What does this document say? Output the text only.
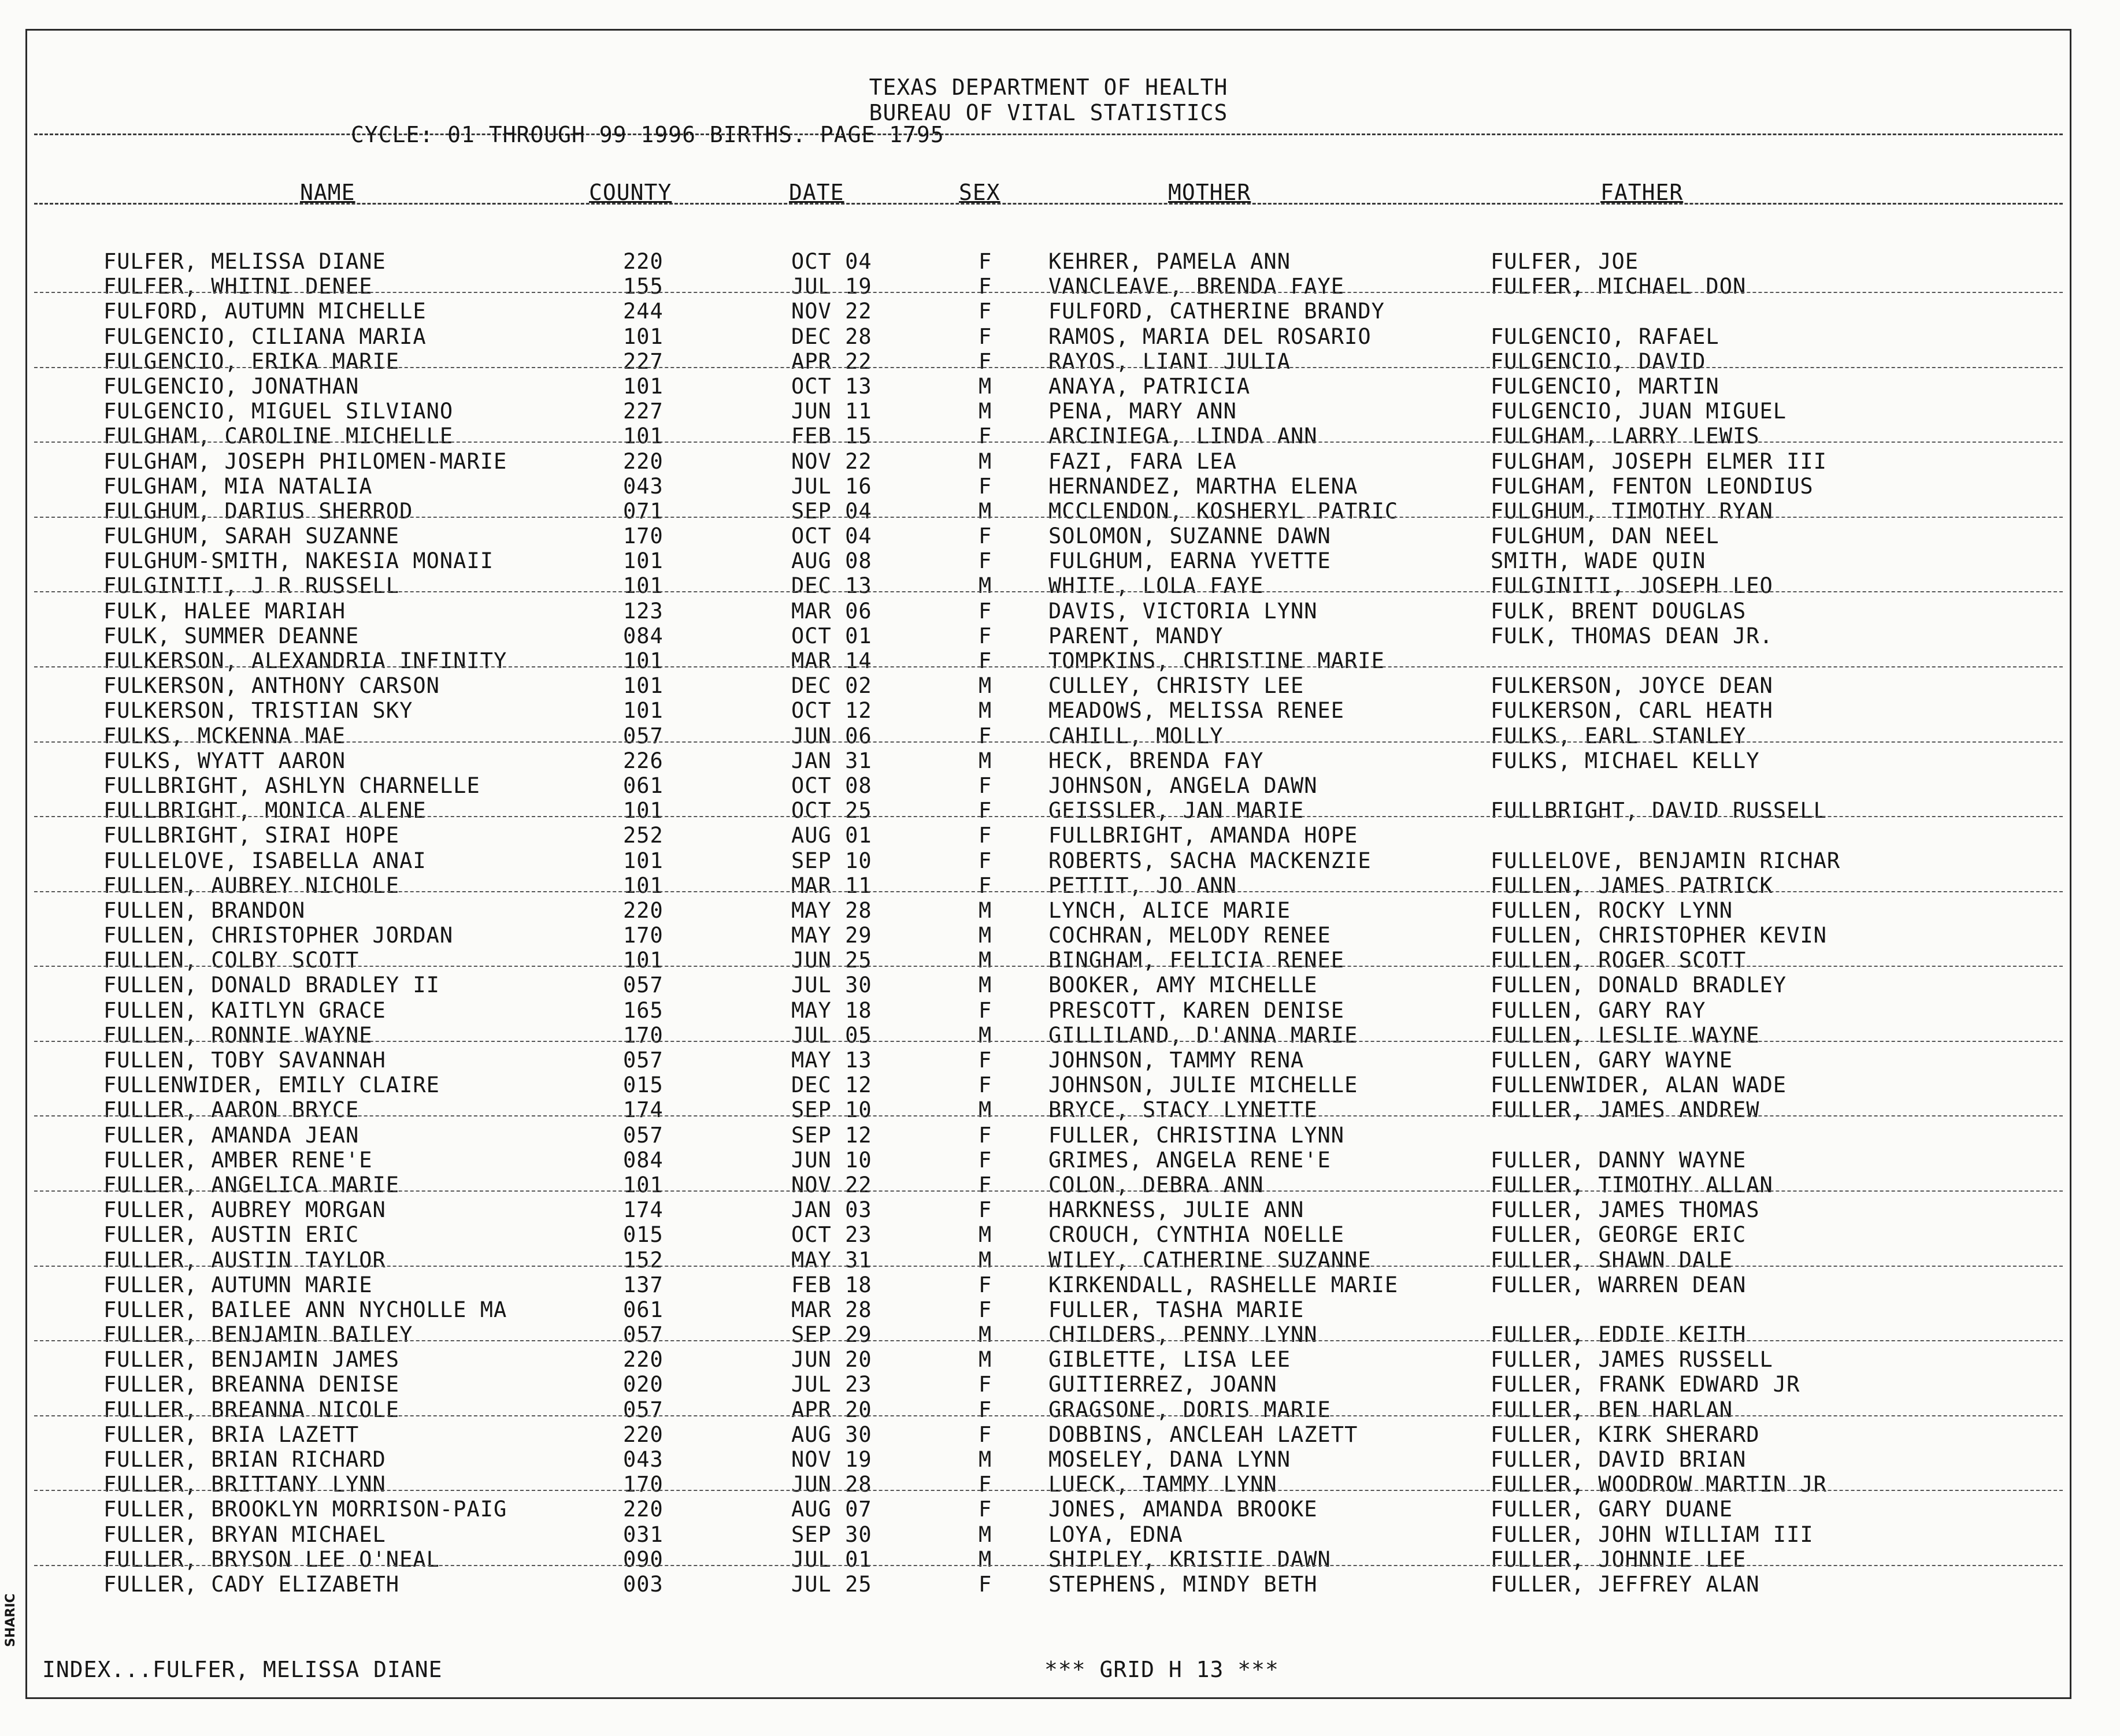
TEXAS DEPARTMENT OF HEALTH
BUREAU OF VITAL STATISTICS
CYCLE: 01 THROUGH 99 1996 BIRTHS. PAGE 1795
NAME	COUNTY	DATE	SEX	MOTHER	FATHER
FULFER, MELISSA DIANE	220	OCT 04	F	KEHRER, PAMELA ANN	FULFER, JOE
FULFER, WHITNI DENEE	155	JUL 19	F	VANCLEAVE, BRENDA FAYE	FULFER, MICHAEL DON
FULFORD, AUTUMN MICHELLE	244	NOV 22	F	FULFORD, CATHERINE BRANDY
FULGENCIO, CILIANA MARIA	101	DEC 28	F	RAMOS, MARIA DEL ROSARIO	FULGENCIO, RAFAEL
FULGENCIO, ERIKA MARIE	227	APR 22	F	RAYOS, LIANI JULIA	FULGENCIO, DAVID
FULGENCIO, JONATHAN	101	OCT 13	M	ANAYA, PATRICIA	FULGENCIO, MARTIN
FULGENCIO, MIGUEL SILVIANO	227	JUN 11	M	PENA, MARY ANN	FULGENCIO, JUAN MIGUEL
FULGHAM, CAROLINE MICHELLE	101	FEB 15	F	ARCINIEGA, LINDA ANN	FULGHAM, LARRY LEWIS
FULGHAM, JOSEPH PHILOMEN-MARIE	220	NOV 22	M	FAZI, FARA LEA	FULGHAM, JOSEPH ELMER III
FULGHAM, MIA NATALIA	043	JUL 16	F	HERNANDEZ, MARTHA ELENA	FULGHAM, FENTON LEONDIUS
FULGHUM, DARIUS SHERROD	071	SEP 04	M	MCCLENDON, KOSHERYL PATRIC	FULGHUM, TIMOTHY RYAN
FULGHUM, SARAH SUZANNE	170	OCT 04	F	SOLOMON, SUZANNE DAWN	FULGHUM, DAN NEEL
FULGHUM-SMITH, NAKESIA MONAII	101	AUG 08	F	FULGHUM, EARNA YVETTE	SMITH, WADE QUIN
FULGINITI, J R RUSSELL	101	DEC 13	M	WHITE, LOLA FAYE	FULGINITI, JOSEPH LEO
FULK, HALEE MARIAH	123	MAR 06	F	DAVIS, VICTORIA LYNN	FULK, BRENT DOUGLAS
FULK, SUMMER DEANNE	084	OCT 01	F	PARENT, MANDY	FULK, THOMAS DEAN JR.
FULKERSON, ALEXANDRIA INFINITY	101	MAR 14	F	TOMPKINS, CHRISTINE MARIE
FULKERSON, ANTHONY CARSON	101	DEC 02	M	CULLEY, CHRISTY LEE	FULKERSON, JOYCE DEAN
FULKERSON, TRISTIAN SKY	101	OCT 12	M	MEADOWS, MELISSA RENEE	FULKERSON, CARL HEATH
FULKS, MCKENNA MAE	057	JUN 06	F	CAHILL, MOLLY	FULKS, EARL STANLEY
FULKS, WYATT AARON	226	JAN 31	M	HECK, BRENDA FAY	FULKS, MICHAEL KELLY
FULLBRIGHT, ASHLYN CHARNELLE	061	OCT 08	F	JOHNSON, ANGELA DAWN
FULLBRIGHT, MONICA ALENE	101	OCT 25	F	GEISSLER, JAN MARIE	FULLBRIGHT, DAVID RUSSELL
FULLBRIGHT, SIRAI HOPE	252	AUG 01	F	FULLBRIGHT, AMANDA HOPE
FULLELOVE, ISABELLA ANAI	101	SEP 10	F	ROBERTS, SACHA MACKENZIE	FULLELOVE, BENJAMIN RICHAR
FULLEN, AUBREY NICHOLE	101	MAR 11	F	PETTIT, JO ANN	FULLEN, JAMES PATRICK
FULLEN, BRANDON	220	MAY 28	M	LYNCH, ALICE MARIE	FULLEN, ROCKY LYNN
FULLEN, CHRISTOPHER JORDAN	170	MAY 29	M	COCHRAN, MELODY RENEE	FULLEN, CHRISTOPHER KEVIN
FULLEN, COLBY SCOTT	101	JUN 25	M	BINGHAM, FELICIA RENEE	FULLEN, ROGER SCOTT
FULLEN, DONALD BRADLEY II	057	JUL 30	M	BOOKER, AMY MICHELLE	FULLEN, DONALD BRADLEY
FULLEN, KAITLYN GRACE	165	MAY 18	F	PRESCOTT, KAREN DENISE	FULLEN, GARY RAY
FULLEN, RONNIE WAYNE	170	JUL 05	M	GILLILAND, D'ANNA MARIE	FULLEN, LESLIE WAYNE
FULLEN, TOBY SAVANNAH	057	MAY 13	F	JOHNSON, TAMMY RENA	FULLEN, GARY WAYNE
FULLENWIDER, EMILY CLAIRE	015	DEC 12	F	JOHNSON, JULIE MICHELLE	FULLENWIDER, ALAN WADE
FULLER, AARON BRYCE	174	SEP 10	M	BRYCE, STACY LYNETTE	FULLER, JAMES ANDREW
FULLER, AMANDA JEAN	057	SEP 12	F	FULLER, CHRISTINA LYNN
FULLER, AMBER RENE'E	084	JUN 10	F	GRIMES, ANGELA RENE'E	FULLER, DANNY WAYNE
FULLER, ANGELICA MARIE	101	NOV 22	F	COLON, DEBRA ANN	FULLER, TIMOTHY ALLAN
FULLER, AUBREY MORGAN	174	JAN 03	F	HARKNESS, JULIE ANN	FULLER, JAMES THOMAS
FULLER, AUSTIN ERIC	015	OCT 23	M	CROUCH, CYNTHIA NOELLE	FULLER, GEORGE ERIC
FULLER, AUSTIN TAYLOR	152	MAY 31	M	WILEY, CATHERINE SUZANNE	FULLER, SHAWN DALE
FULLER, AUTUMN MARIE	137	FEB 18	F	KIRKENDALL, RASHELLE MARIE	FULLER, WARREN DEAN
FULLER, BAILEE ANN NYCHOLLE MA	061	MAR 28	F	FULLER, TASHA MARIE
FULLER, BENJAMIN BAILEY	057	SEP 29	M	CHILDERS, PENNY LYNN	FULLER, EDDIE KEITH
FULLER, BENJAMIN JAMES	220	JUN 20	M	GIBLETTE, LISA LEE	FULLER, JAMES RUSSELL
FULLER, BREANNA DENISE	020	JUL 23	F	GUITIERREZ, JOANN	FULLER, FRANK EDWARD JR
FULLER, BREANNA NICOLE	057	APR 20	F	GRAGSONE, DORIS MARIE	FULLER, BEN HARLAN
FULLER, BRIA LAZETT	220	AUG 30	F	DOBBINS, ANCLEAH LAZETT	FULLER, KIRK SHERARD
FULLER, BRIAN RICHARD	043	NOV 19	M	MOSELEY, DANA LYNN	FULLER, DAVID BRIAN
FULLER, BRITTANY LYNN	170	JUN 28	F	LUECK, TAMMY LYNN	FULLER, WOODROW MARTIN JR
FULLER, BROOKLYN MORRISON-PAIG	220	AUG 07	F	JONES, AMANDA BROOKE	FULLER, GARY DUANE
FULLER, BRYAN MICHAEL	031	SEP 30	M	LOYA, EDNA	FULLER, JOHN WILLIAM III
FULLER, BRYSON LEE O'NEAL	090	JUL 01	M	SHIPLEY, KRISTIE DAWN	FULLER, JOHNNIE LEE
FULLER, CADY ELIZABETH	003	JUL 25	F	STEPHENS, MINDY BETH	FULLER, JEFFREY ALAN
INDEX...FULFER, MELISSA DIANE	*** GRID H 13 ***
SHARIC
